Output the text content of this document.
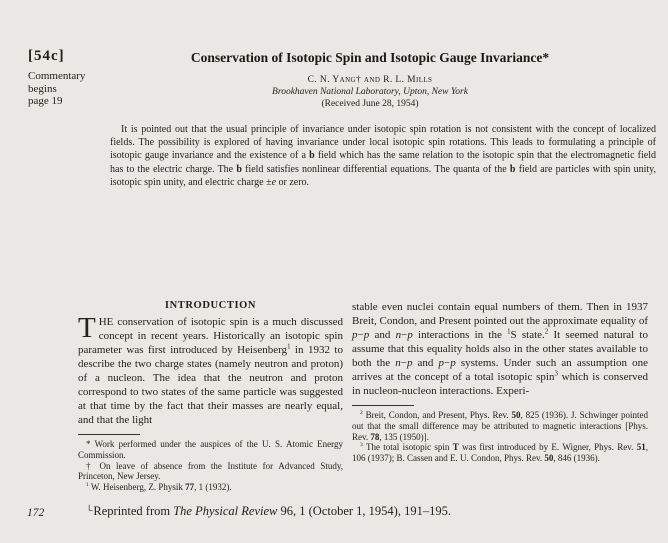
[54c]
Commentary
begins
page 19
Conservation of Isotopic Spin and Isotopic Gauge Invariance*
C. N. Yang† and R. L. Mills
Brookhaven National Laboratory, Upton, New York
(Received June 28, 1954)

It is pointed out that the usual principle of invariance under isotopic spin rotation is not consistent with the concept of localized fields. The possibility is explored of having invariance under local isotopic spin rotations. This leads to formulating a principle of isotopic gauge invariance and the existence of a b field which has the same relation to the isotopic spin that the electromagnetic field has to the electric charge. The b field satisfies nonlinear differential equations. The quanta of the b field are particles with spin unity, isotopic spin unity, and electric charge ±e or zero.

INTRODUCTION

THE conservation of isotopic spin is a much discussed concept in recent years. Historically an isotopic spin parameter was first introduced by Heisenberg$^1$ in 1932 to describe the two charge states (namely neutron and proton) of a nucleon. The idea that the neutron and proton correspond to two states of the same particle was suggested at that time by the fact that their masses are nearly equal, and that the light

* Work performed under the auspices of the U. S. Atomic Energy Commission.

† On leave of absence from the Institute for Advanced Study, Princeton, New Jersey.

$^1$ W. Heisenberg, Z. Physik 77, 1 (1932).

stable even nuclei contain equal numbers of them. Then in 1937 Breit, Condon, and Present pointed out the approximate equality of p−p and n−p interactions in the $^1$S state.$^2$ It seemed natural to assume that this equality holds also in the other states available to both the n−p and p−p systems. Under such an assumption one arrives at the concept of a total isotopic spin$^3$ which is conserved in nucleon-nucleon interactions. Experi-

$^2$ Breit, Condon, and Present, Phys. Rev. 50, 825 (1936). J. Schwinger pointed out that the small difference may be attributed to magnetic interactions [Phys. Rev. 78, 135 (1950)].

$^3$ The total isotopic spin T was first introduced by E. Wigner, Phys. Rev. 51, 106 (1937); B. Cassen and E. U. Condon, Phys. Rev. 50, 846 (1936).

172	└Reprinted from The Physical Review 96, 1 (October 1, 1954), 191–195.
